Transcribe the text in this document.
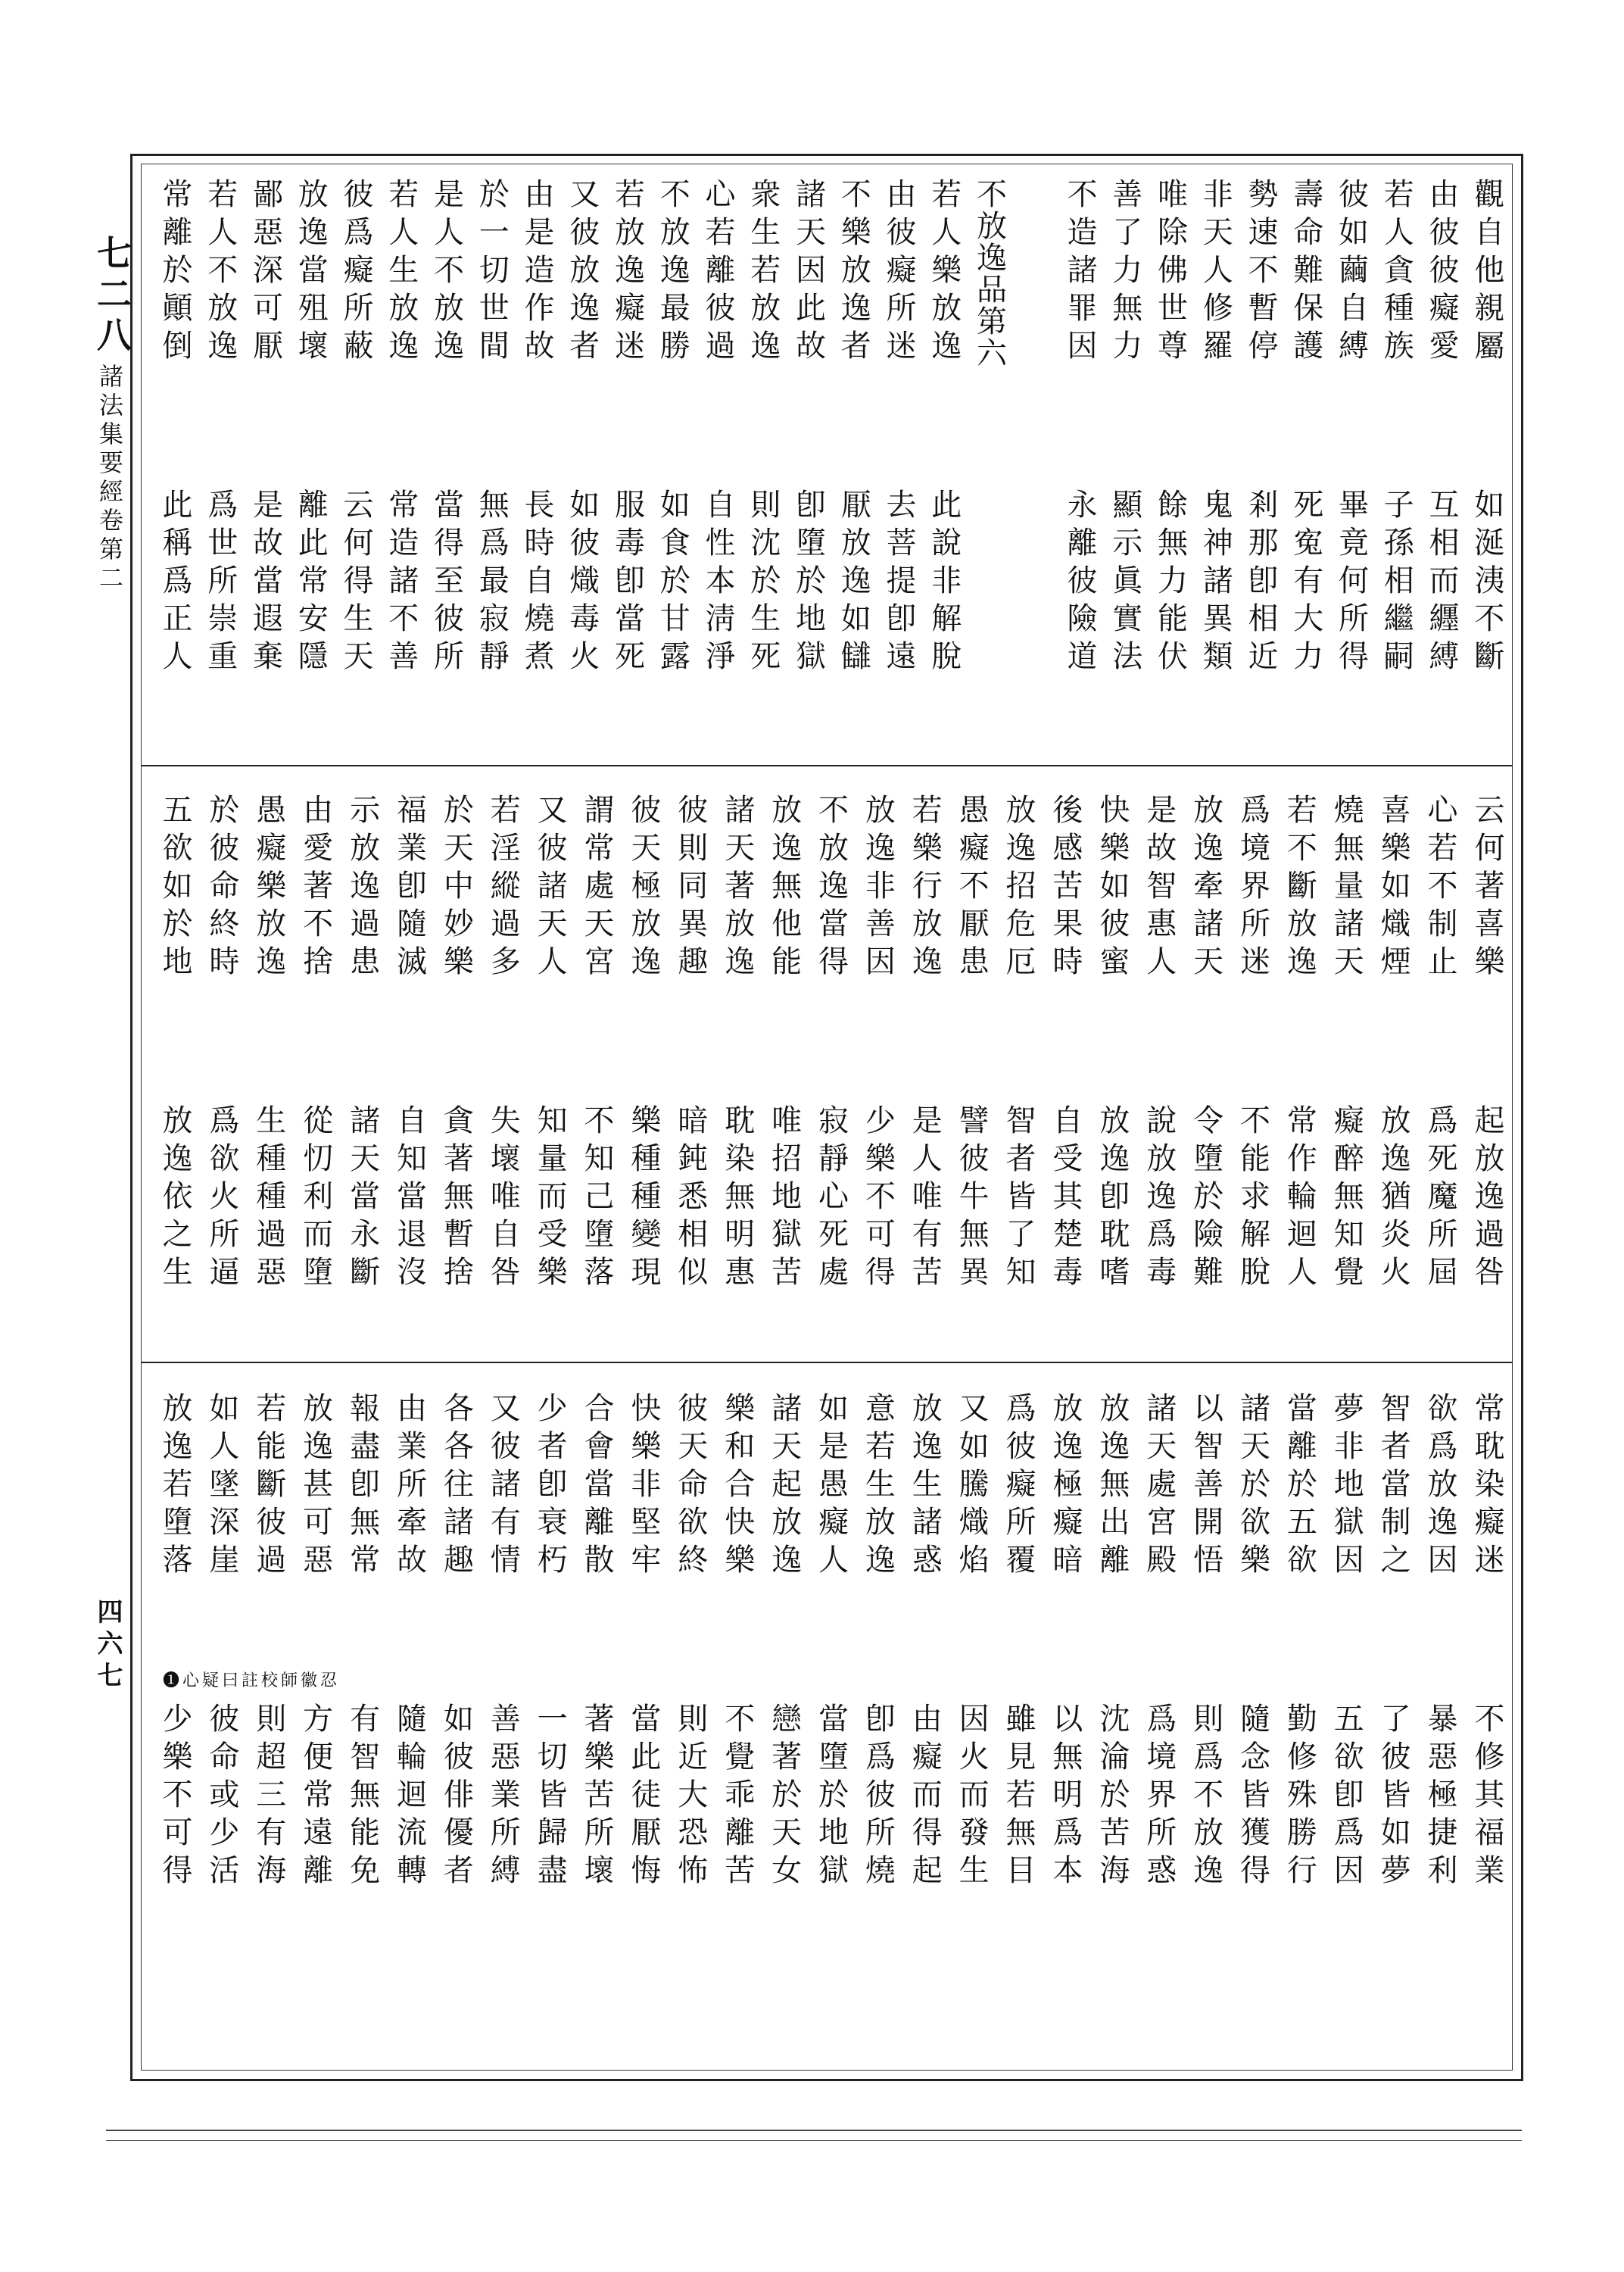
七二八
諸法集要經卷第二
四六七
觀自他親屬
如涎洟不斷
由彼彼癡愛
互相而纒縛
若人貪種族
子孫相繼嗣
彼如繭自縛
畢竟何所得
壽命難保護
死寃有大力
勢速不暫停
剎那卽相近
非天人修羅
鬼神諸異類
唯除佛世尊
餘無力能伏
善了力無力
顯示眞實法
不造諸罪因
永離彼險道
不放逸品第六
若人樂放逸
此說非解脫
由彼癡所迷
去菩提卽遠
不樂放逸者
厭放逸如讎
諸天因此故
卽墮於地獄
衆生若放逸
則沈於生死
心若離彼過
自性本淸淨
不放逸最勝
如食於甘露
若放逸癡迷
服毒卽當死
又彼放逸者
如彼熾毒火
由是造作故
長時自燒煮
於一切世間
無爲最寂靜
是人不放逸
當得至彼所
若人生放逸
常造諸不善
彼爲癡所蔽
云何得生天
放逸當殂壞
離此常安隱
鄙惡深可厭
是故當遐棄
若人不放逸
爲世所崇重
常離於顚倒
此稱爲正人
云何著喜樂
起放逸過咎
心若不制止
爲死魔所屆
喜樂如熾煙
放逸猶炎火
燒無量諸天
癡醉無知覺
若不斷放逸
常作輪迴人
爲境界所迷
不能求解脫
放逸牽諸天
令墮於險難
是故智惠人
說放逸爲毒
快樂如彼蜜
放逸卽耽嗜
後感苦果時
自受其楚毒
放逸招危厄
智者皆了知
愚癡不厭患
譬彼牛無異
若樂行放逸
是人唯有苦
放逸非善因
少樂不可得
不放逸當得
寂靜心死處
放逸無他能
唯招地獄苦
諸天著放逸
耽染無明惠
彼則同異趣
暗鈍悉相似
彼天極放逸
樂種種變現
謂常處天宮
不知己墮落
又彼諸天人
知量而受樂
若淫縱過多
失壞唯自咎
於天中妙樂
貪著無暫捨
福業卽隨滅
自知當退沒
示放逸過患
諸天當永斷
由愛著不捨
從忉利而墮
愚癡樂放逸
生種種過惡
於彼命終時
爲欲火所逼
五欲如於地
放逸依之生
常耽染癡迷
不修其福業
欲爲放逸因
暴惡極捷利
智者當制之
了彼皆如夢
夢非地獄因
五欲卽爲因
當離於五欲
勤修殊勝行
諸天於欲樂
隨念皆獲得
以智善開悟
則爲不放逸
諸天處宮殿
爲境界所惑
放逸無出離
沈淪於苦海
放逸極癡暗
以無明爲本
爲彼癡所覆
雖見若無目
又如騰熾焰
因火而發生
放逸生諸惑
由癡而得起
意若生放逸
卽爲彼所燒
如是愚癡人
當墮於地獄
諸天起放逸
戀著於天女
樂和合快樂
不覺乖離苦
彼天命欲終
則近大恐怖
快樂非堅牢
當此徒厭悔
合會當離散
著樂苦所壞
少者卽衰朽
一切皆歸盡
又彼諸有情
善惡業所縛
各各往諸趣
如彼俳優者
由業所牽故
隨輪迴流轉
報盡卽無常
有智無能免
放逸甚可惡
方便常遠離
若能斷彼過
則超三有海
如人墜深崖
彼命或少活
放逸若墮落
少樂不可得
❶心疑曰註校師徽忍
